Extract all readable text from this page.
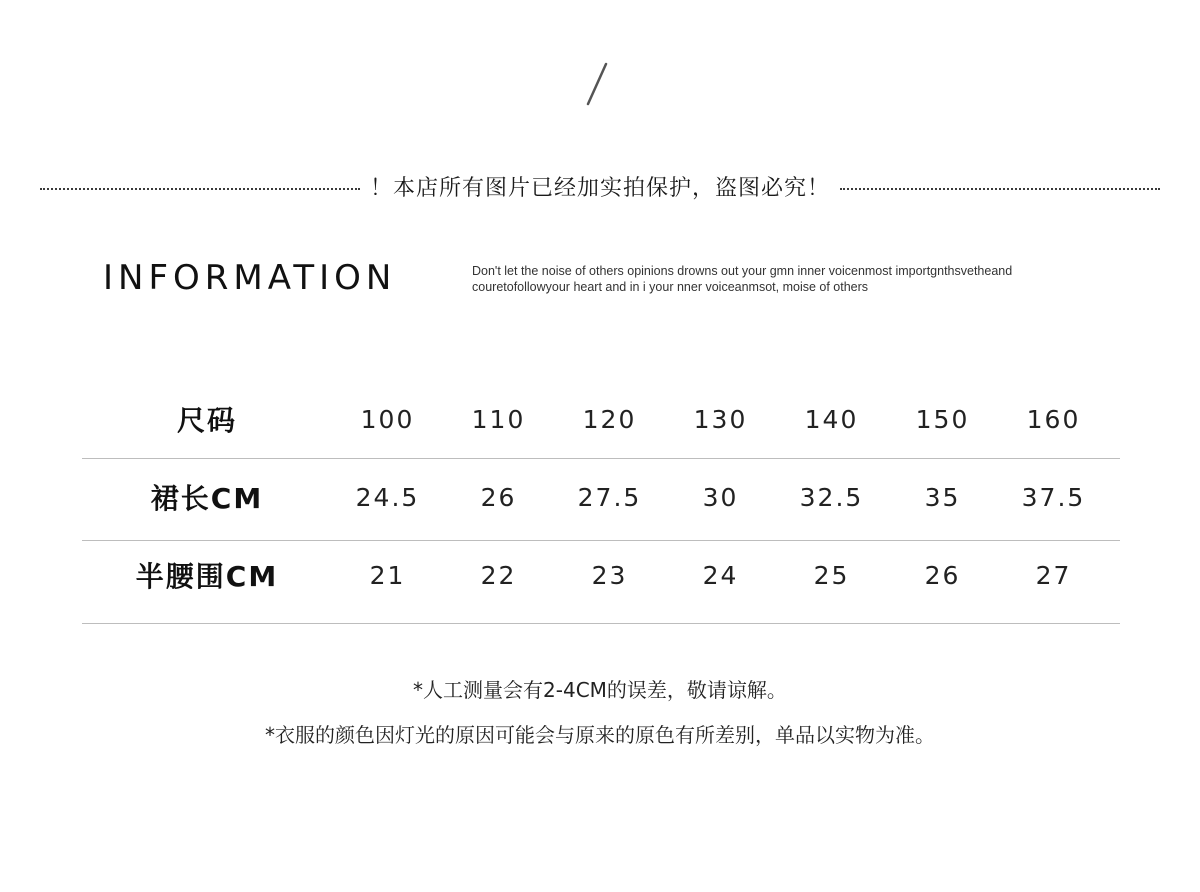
！本店所有图片已经加实拍保护，盗图必究！
INFORMATION	Don't let the noise of others opinions drowns out your gmn inner voicenmost importgnthsvetheand
couretofollowyour heart and in i your nner voiceanmsot, moise of others
尺码	100	110	120	130	140	150	160
裙长CM	24.5	26	27.5	30	32.5	35	37.5
半腰围CM	21	22	23	24	25	26	27
*人工测量会有2-4CM的误差，敬请谅解。
*衣服的颜色因灯光的原因可能会与原来的原色有所差别，单品以实物为准。
